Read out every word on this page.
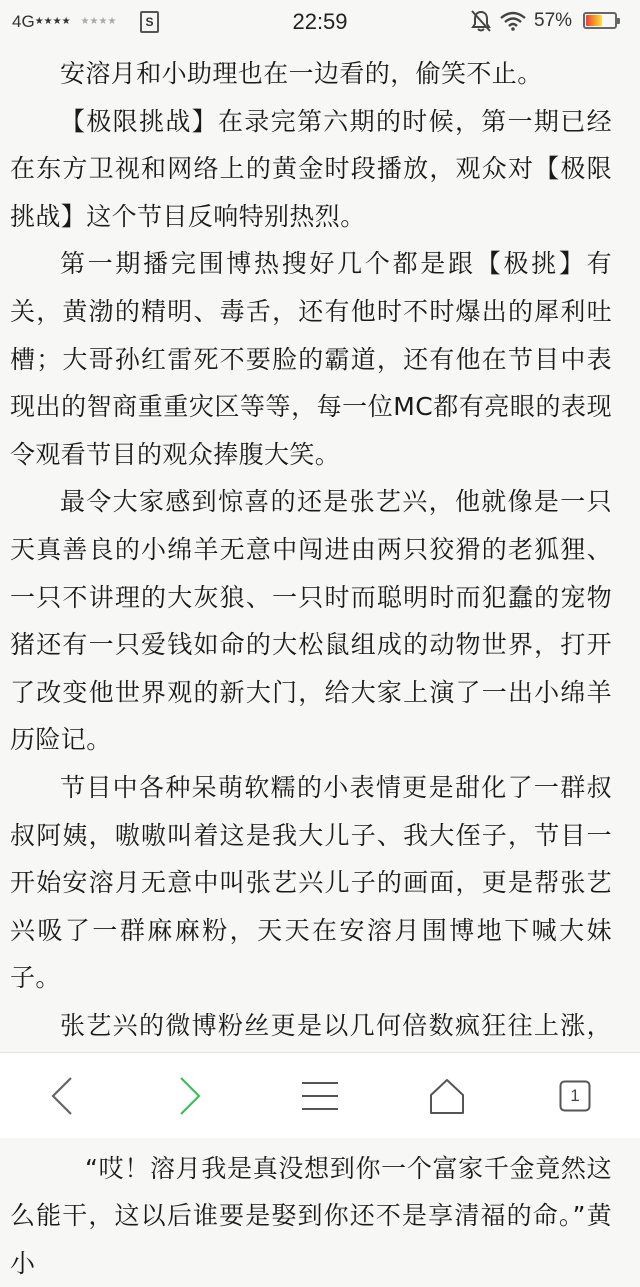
4G★★★★ ★★★★	S	22:59	57%

安溶月和小助理也在一边看的，偷笑不止。

【极限挑战】在录完第六期的时候，第一期已经在东方卫视和网络上的黄金时段播放，观众对【极限挑战】这个节目反响特别热烈。

第一期播完围博热搜好几个都是跟【极挑】有关，黄渤的精明、毒舌，还有他时不时爆出的犀利吐槽；大哥孙红雷死不要脸的霸道，还有他在节目中表现出的智商重重灾区等等，每一位MC都有亮眼的表现令观看节目的观众捧腹大笑。

最令大家感到惊喜的还是张艺兴，他就像是一只天真善良的小绵羊无意中闯进由两只狡猾的老狐狸、一只不讲理的大灰狼、一只时而聪明时而犯蠢的宠物猪还有一只爱钱如命的大松鼠组成的动物世界，打开了改变他世界观的新大门，给大家上演了一出小绵羊历险记。

节目中各种呆萌软糯的小表情更是甜化了一群叔叔阿姨，嗷嗷叫着这是我大儿子、我大侄子，节目一开始安溶月无意中叫张艺兴儿子的画面，更是帮张艺兴吸了一群麻麻粉，天天在安溶月围博地下喊大妹子。

张艺兴的微博粉丝更是以几何倍数疯狂往上涨，

“哎！溶月我是真没想到你一个富家千金竟然这么能干，这以后谁要是娶到你还不是享清福的命。”黄小

1
